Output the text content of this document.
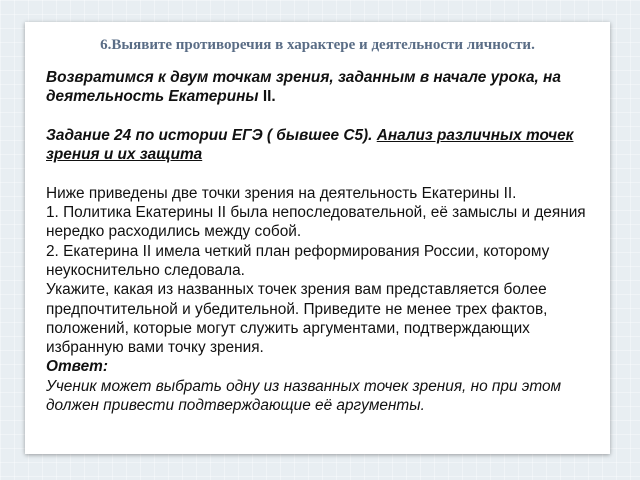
6.Выявите противоречия в характере и деятельности личности.

Возвратимся к двум точкам зрения, заданным в начале урока, на деятельность Екатерины II.

Задание 24 по истории ЕГЭ ( бывшее С5). Анализ различных точек зрения и их защита

Ниже приведены две точки зрения на деятельность Екатерины II.

1. Политика Екатерины II была непоследовательной, её замыслы и деяния нередко расходились между собой.

2. Екатерина II имела четкий план реформирования России, которому неукоснительно следовала.

Укажите, какая из названных точек зрения вам представляется более предпочтительной и убедительной. Приведите не менее трех фактов, положений, которые могут служить аргументами, подтверждающих избранную вами точку зрения.

Ответ:

Ученик может выбрать одну из названных точек зрения, но при этом должен привести подтверждающие её аргументы.
